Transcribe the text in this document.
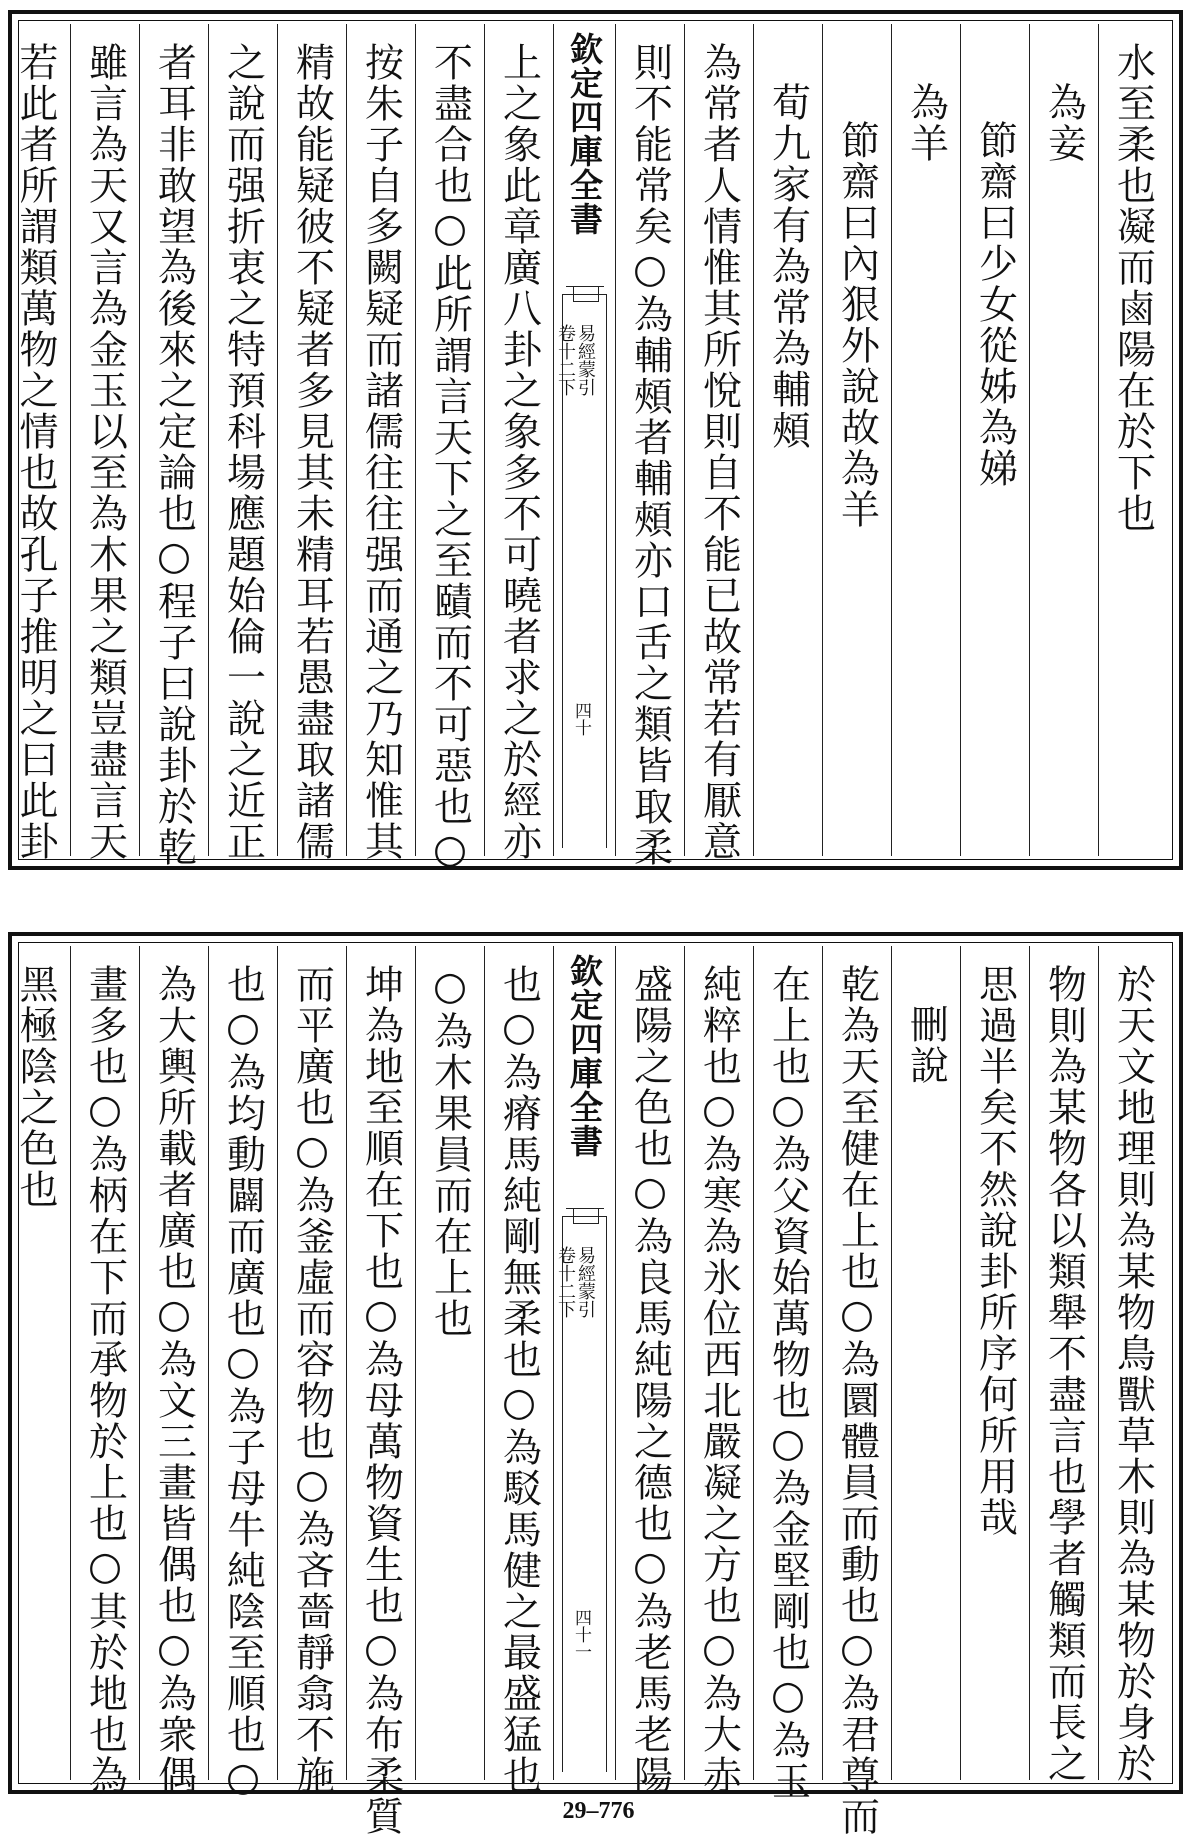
水至柔也凝而鹵陽在於下也
為妾
節齋曰少女從姊為娣
為羊
節齋曰內狠外說故為羊
荀九家有為常為輔頰
為常者人情惟其所悅則自不能已故常若有厭意
則不能常矣○為輔頰者輔頰亦口舌之類皆取柔
欽定四庫全書
易經蒙引
卷十二下
四十
上之象此章廣八卦之象多不可曉者求之於經亦
不盡合也○此所謂言天下之至賾而不可惡也○
按朱子自多闕疑而諸儒往往强而通之乃知惟其
精故能疑彼不疑者多見其未精耳若愚盡取諸儒
之說而强折衷之特預科場應題始倫一說之近正
者耳非敢望為後來之定論也○程子曰說卦於乾
雖言為天又言為金玉以至為木果之類豈盡言天
若此者所謂類萬物之情也故孔子推明之曰此卦
於天文地理則為某物鳥獸草木則為某物於身於
物則為某物各以類舉不盡言也學者觸類而長之
思過半矣不然說卦所序何所用哉
刪說
乾為天至健在上也○為圜體員而動也○為君尊而
在上也○為父資始萬物也○為金堅剛也○為玉
純粹也○為寒為氷位西北嚴凝之方也○為大赤
盛陽之色也○為良馬純陽之德也○為老馬老陽
欽定四庫全書
易經蒙引
卷十二下
四十一
也○為瘠馬純剛無柔也○為駁馬健之最盛猛也
○為木果員而在上也
坤為地至順在下也○為母萬物資生也○為布柔質
而平廣也○為釜虛而容物也○為吝嗇靜翕不施
也○為均動闢而廣也○為子母牛純陰至順也○
為大輿所載者廣也○為文三畫皆偶也○為衆偶
畫多也○為柄在下而承物於上也○其於地也為
黑極陰之色也
29–776
